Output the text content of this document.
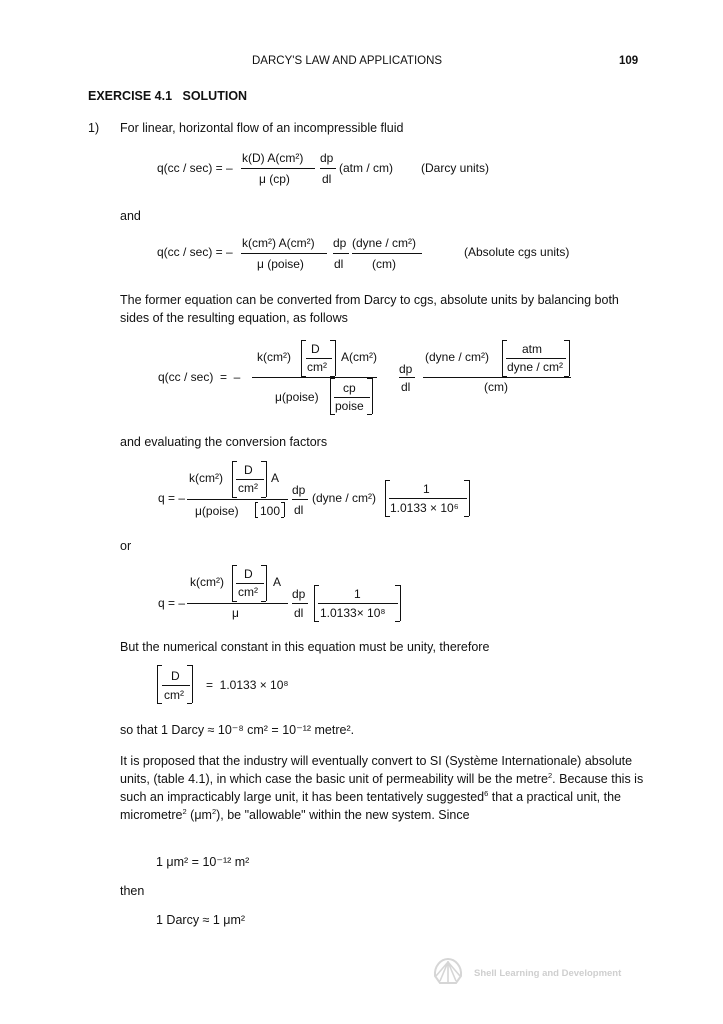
DARCY'S LAW AND APPLICATIONS	109
EXERCISE 4.1   SOLUTION
1) For linear, horizontal flow of an incompressible fluid
q(cc / sec) = –
k(D) A(cm²)
μ (cp)
dp
dl
(atm / cm) (Darcy units)
and
q(cc / sec) = –
k(cm²) A(cm²)
μ (poise)
dp
dl
(dyne / cm²)
(cm)
(Absolute cgs units)
The former equation can be converted from Darcy to cgs, absolute units by balancing both sides of the resulting equation, as follows
q(cc / sec)  =  –
k(cm²)
D
cm²
A(cm²)
μ(poise)
cp
poise
dp
dl
(dyne / cm²)
atm
dyne / cm²
(cm)
and evaluating the conversion factors
q = –
k(cm²)
D
cm²
A
μ(poise) 100
dp
dl
(dyne / cm²)
1
1.0133 × 10⁶
or
q = –
k(cm²)
D
cm²
A
μ
dp
dl
1
1.0133× 10⁸
But the numerical constant in this equation must be unity, therefore
D
cm²
=  1.0133 × 10⁸
so that 1 Darcy ≈ 10⁻⁸ cm² = 10⁻¹² metre².
It is proposed that the industry will eventually convert to SI (Système Internationale) absolute units, (table 4.1), in which case the basic unit of permeability will be the metre$^2$. Because this is such an impracticably large unit, it has been tentatively suggested$^6$ that a practical unit, the micrometre$^2$ $(\mu m^2)$, be "allowable" within the new system. Since
1 μm² = 10⁻¹² m²
then
1 Darcy ≈ 1 μm²
Shell Learning and Development
